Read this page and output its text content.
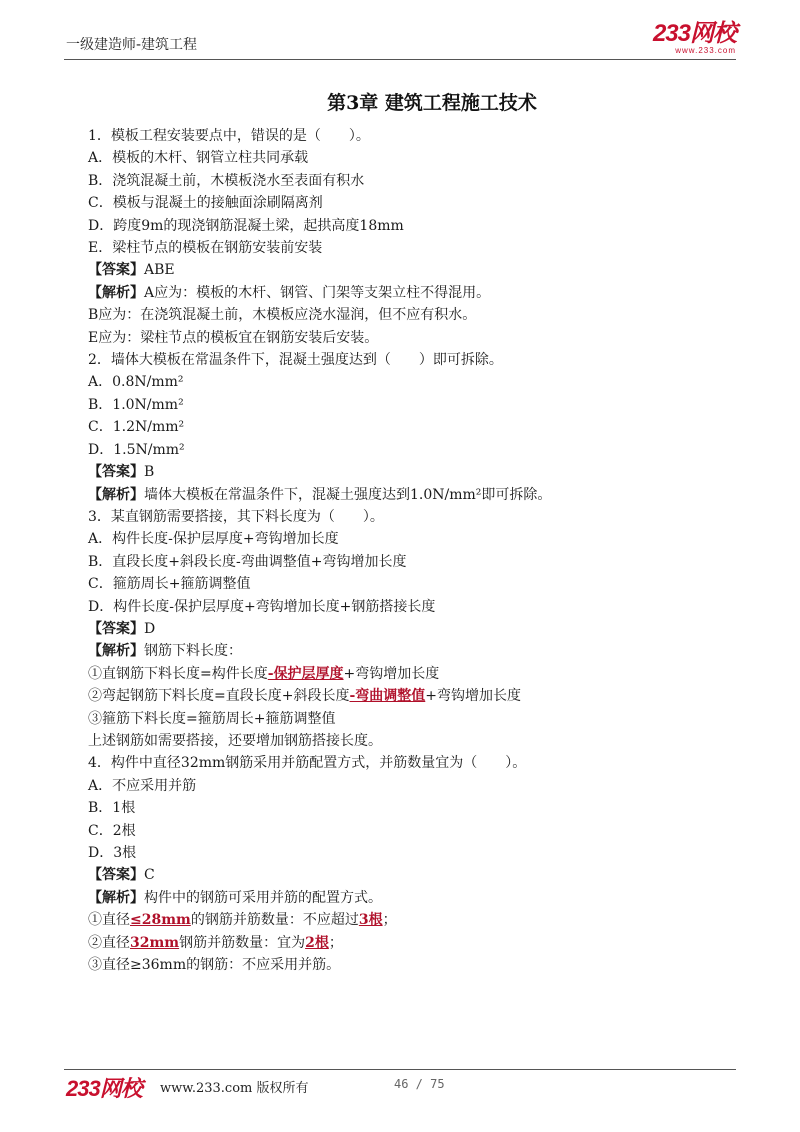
一级建造师-建筑工程	233网校
www.233.com
第3章 建筑工程施工技术
1．模板工程安装要点中，错误的是（　　）。
A．模板的木杆、钢管立柱共同承载
B．浇筑混凝土前，木模板浇水至表面有积水
C．模板与混凝土的接触面涂刷隔离剂
D．跨度9m的现浇钢筋混凝土梁，起拱高度18mm
E．梁柱节点的模板在钢筋安装前安装
【答案】ABE
【解析】A应为：模板的木杆、钢管、门架等支架立柱不得混用。
B应为：在浇筑混凝土前，木模板应浇水湿润，但不应有积水。
E应为：梁柱节点的模板宜在钢筋安装后安装。
2．墙体大模板在常温条件下，混凝土强度达到（　　）即可拆除。
A．0.8N/mm²
B．1.0N/mm²
C．1.2N/mm²
D．1.5N/mm²
【答案】B
【解析】墙体大模板在常温条件下，混凝土强度达到1.0N/mm²即可拆除。
3．某直钢筋需要搭接，其下料长度为（　　）。
A．构件长度-保护层厚度+弯钩增加长度
B．直段长度+斜段长度-弯曲调整值+弯钩增加长度
C．箍筋周长+箍筋调整值
D．构件长度-保护层厚度+弯钩增加长度+钢筋搭接长度
【答案】D
【解析】钢筋下料长度：
①直钢筋下料长度=构件长度-保护层厚度+弯钩增加长度
②弯起钢筋下料长度=直段长度+斜段长度-弯曲调整值+弯钩增加长度
③箍筋下料长度=箍筋周长+箍筋调整值
上述钢筋如需要搭接，还要增加钢筋搭接长度。
4．构件中直径32mm钢筋采用并筋配置方式，并筋数量宜为（　　）。
A．不应采用并筋
B．1根
C．2根
D．3根
【答案】C
【解析】构件中的钢筋可采用并筋的配置方式。
①直径≤28mm的钢筋并筋数量：不应超过3根；
②直径32mm钢筋并筋数量：宜为2根；
③直径≥36mm的钢筋：不应采用并筋。
233网校 www.233.com 版权所有	46 / 75
